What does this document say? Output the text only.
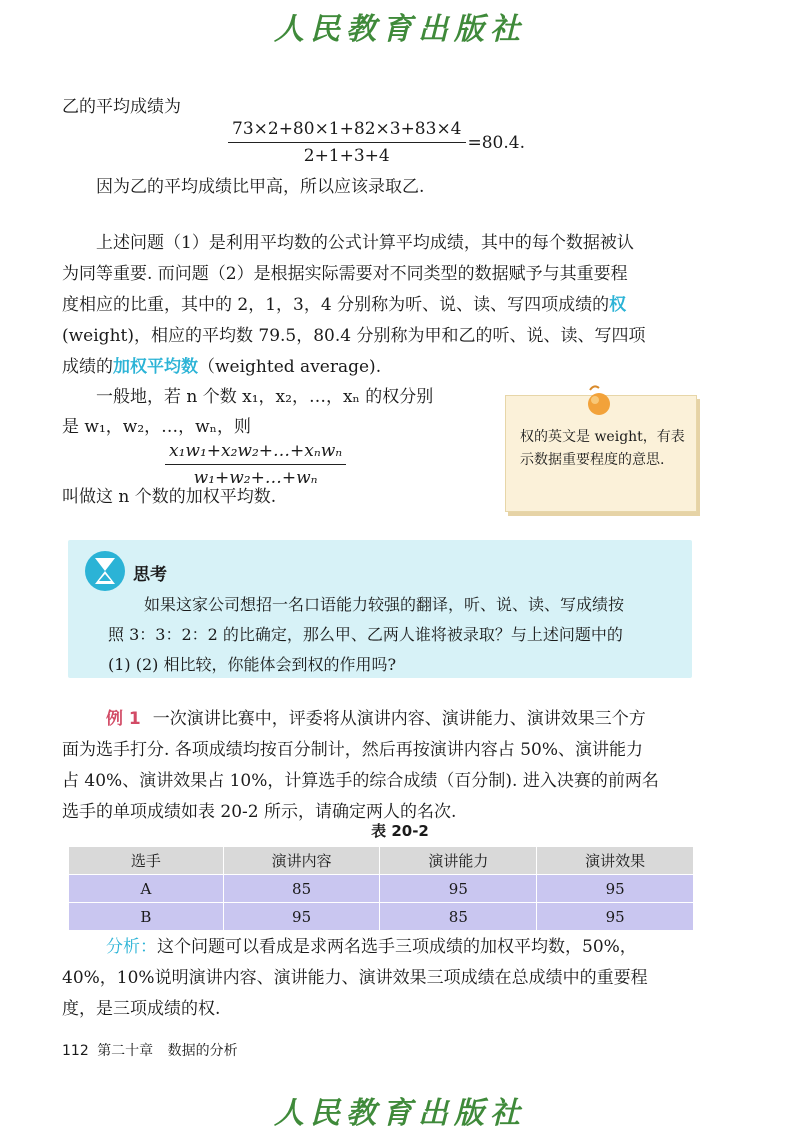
人民教育出版社

乙的平均成绩为

$\frac{73\times 2+80\times 1+82\times 3+83\times 4}{2+1+3+4} =80.4$.

因为乙的平均成绩比甲高，所以应该录取乙.

上述问题（1）是利用平均数的公式计算平均成绩，其中的每个数据被认

为同等重要. 而问题（2）是根据实际需要对不同类型的数据赋予与其重要程

度相应的比重，其中的 2，1，3，4 分别称为听、说、读、写四项成绩的权

(weight)，相应的平均数 79.5，80.4 分别称为甲和乙的听、说、读、写四项

成绩的加权平均数（weighted average).

一般地，若 n 个数 x₁，x₂，…，xₙ 的权分别

是 w₁，w₂，…，wₙ，则

$\frac{\text{x₁w₁+x₂w₂+…+xₙwₙ}}{\text{w₁+w₂+…+wₙ}}$

叫做这 n 个数的加权平均数.

权的英文是 weight，有表示数据重要程度的意思.
思考
如果这家公司想招一名口语能力较强的翻译，听、说、读、写成绩按
照 3：3：2：2 的比确定，那么甲、乙两人谁将被录取？与上述问题中的
(1) (2) 相比较，你能体会到权的作用吗?

例 1 一次演讲比赛中，评委将从演讲内容、演讲能力、演讲效果三个方

面为选手打分. 各项成绩均按百分制计，然后再按演讲内容占 50%、演讲能力

占 40%、演讲效果占 10%，计算选手的综合成绩（百分制). 进入决赛的前两名

选手的单项成绩如表 20-2 所示，请确定两人的名次.

表 20-2
选手	演讲内容	演讲能力	演讲效果
A	85	95	95
B	95	85	95

分析：这个问题可以看成是求两名选手三项成绩的加权平均数，50%，

40%，10%说明演讲内容、演讲能力、演讲效果三项成绩在总成绩中的重要程

度，是三项成绩的权.

112 第二十章 数据的分析
人民教育出版社
